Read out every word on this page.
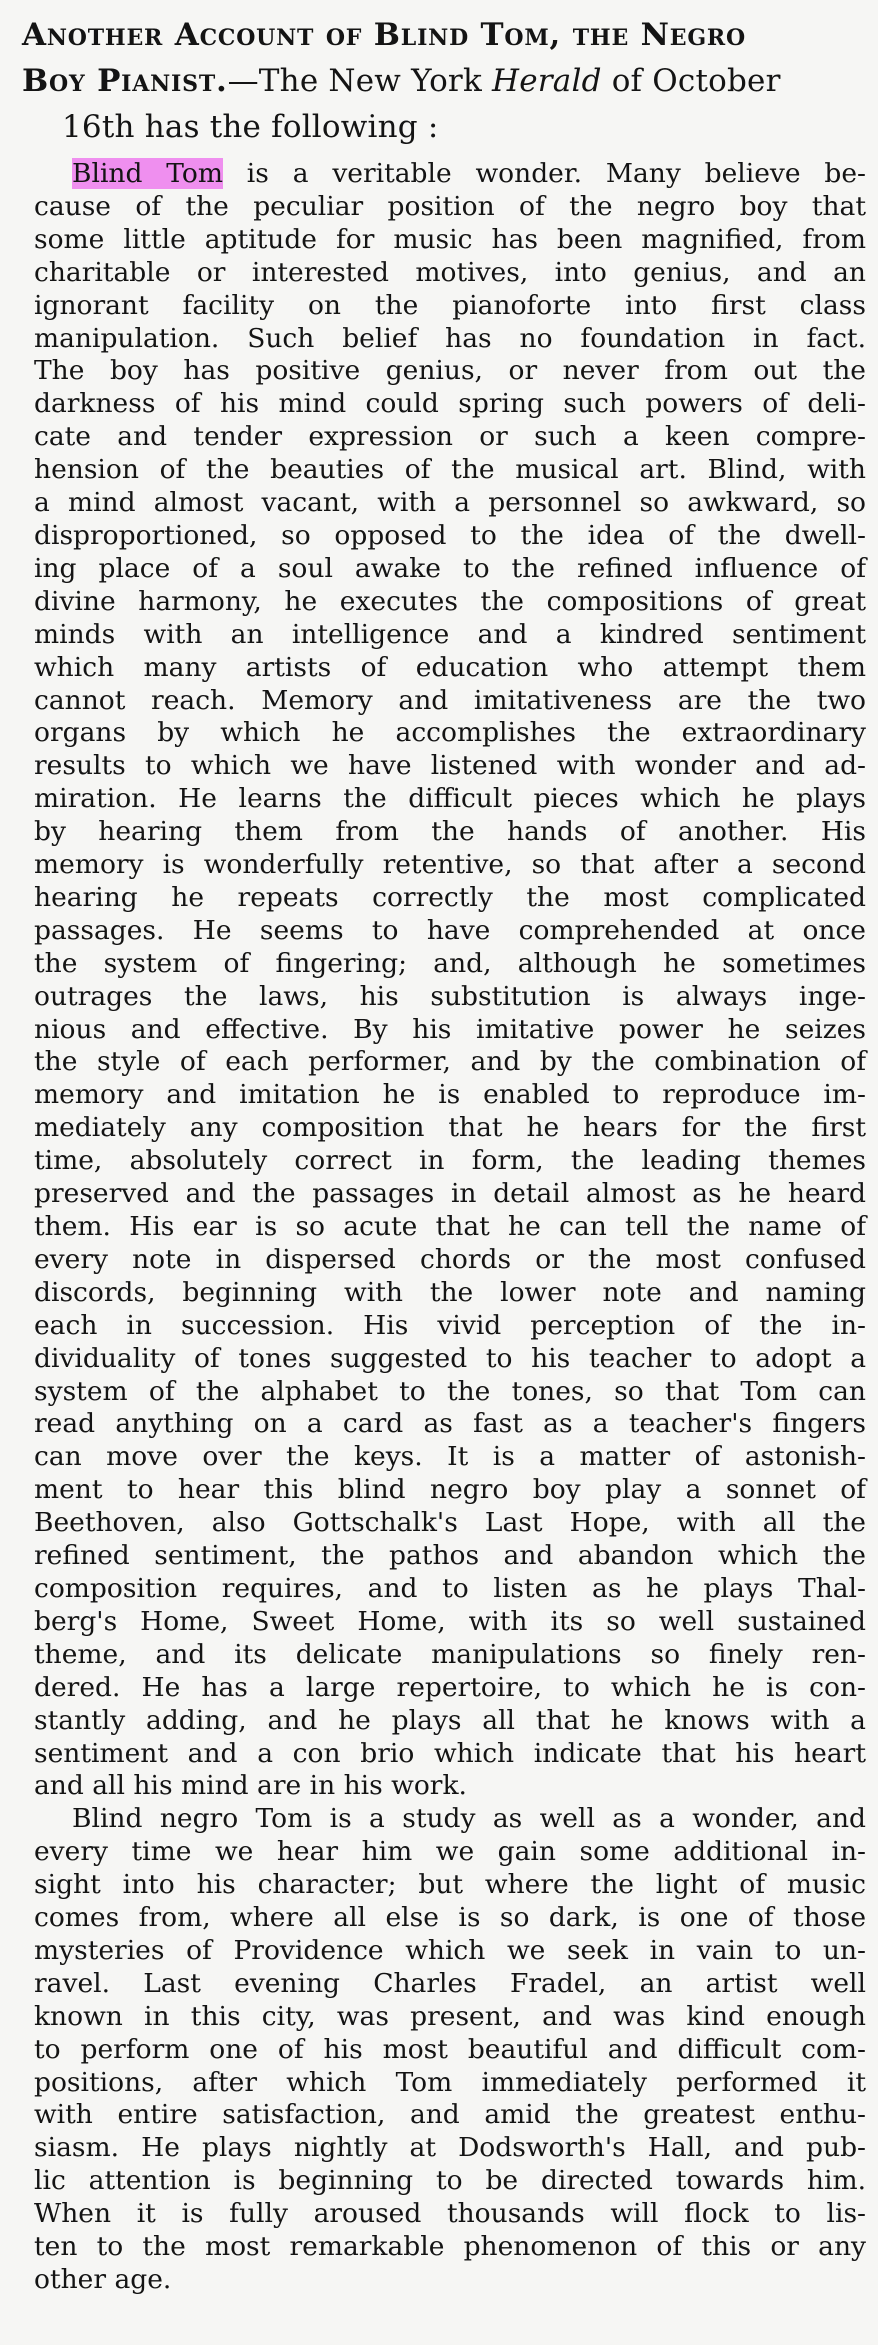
Another Account of Blind Tom, the Negro
Boy Pianist.—The New York Herald of October
16th has the following :
Blind Tom is a veritable wonder. Many believe be-
cause of the peculiar position of the negro boy that
some little aptitude for music has been magnified, from
charitable or interested motives, into genius, and an
ignorant facility on the pianoforte into first class
manipulation. Such belief has no foundation in fact.
The boy has positive genius, or never from out the
darkness of his mind could spring such powers of deli-
cate and tender expression or such a keen compre-
hension of the beauties of the musical art. Blind, with
a mind almost vacant, with a personnel so awkward, so
disproportioned, so opposed to the idea of the dwell-
ing place of a soul awake to the refined influence of
divine harmony, he executes the compositions of great
minds with an intelligence and a kindred sentiment
which many artists of education who attempt them
cannot reach. Memory and imitativeness are the two
organs by which he accomplishes the extraordinary
results to which we have listened with wonder and ad-
miration. He learns the difficult pieces which he plays
by hearing them from the hands of another. His
memory is wonderfully retentive, so that after a second
hearing he repeats correctly the most complicated
passages. He seems to have comprehended at once
the system of fingering; and, although he sometimes
outrages the laws, his substitution is always inge-
nious and effective. By his imitative power he seizes
the style of each performer, and by the combination of
memory and imitation he is enabled to reproduce im-
mediately any composition that he hears for the first
time, absolutely correct in form, the leading themes
preserved and the passages in detail almost as he heard
them. His ear is so acute that he can tell the name of
every note in dispersed chords or the most confused
discords, beginning with the lower note and naming
each in succession. His vivid perception of the in-
dividuality of tones suggested to his teacher to adopt a
system of the alphabet to the tones, so that Tom can
read anything on a card as fast as a teacher's fingers
can move over the keys. It is a matter of astonish-
ment to hear this blind negro boy play a sonnet of
Beethoven, also Gottschalk's Last Hope, with all the
refined sentiment, the pathos and abandon which the
composition requires, and to listen as he plays Thal-
berg's Home, Sweet Home, with its so well sustained
theme, and its delicate manipulations so finely ren-
dered. He has a large repertoire, to which he is con-
stantly adding, and he plays all that he knows with a
sentiment and a con brio which indicate that his heart
and all his mind are in his work.
Blind negro Tom is a study as well as a wonder, and
every time we hear him we gain some additional in-
sight into his character; but where the light of music
comes from, where all else is so dark, is one of those
mysteries of Providence which we seek in vain to un-
ravel. Last evening Charles Fradel, an artist well
known in this city, was present, and was kind enough
to perform one of his most beautiful and difficult com-
positions, after which Tom immediately performed it
with entire satisfaction, and amid the greatest enthu-
siasm. He plays nightly at Dodsworth's Hall, and pub-
lic attention is beginning to be directed towards him.
When it is fully aroused thousands will flock to lis-
ten to the most remarkable phenomenon of this or any
other age.
